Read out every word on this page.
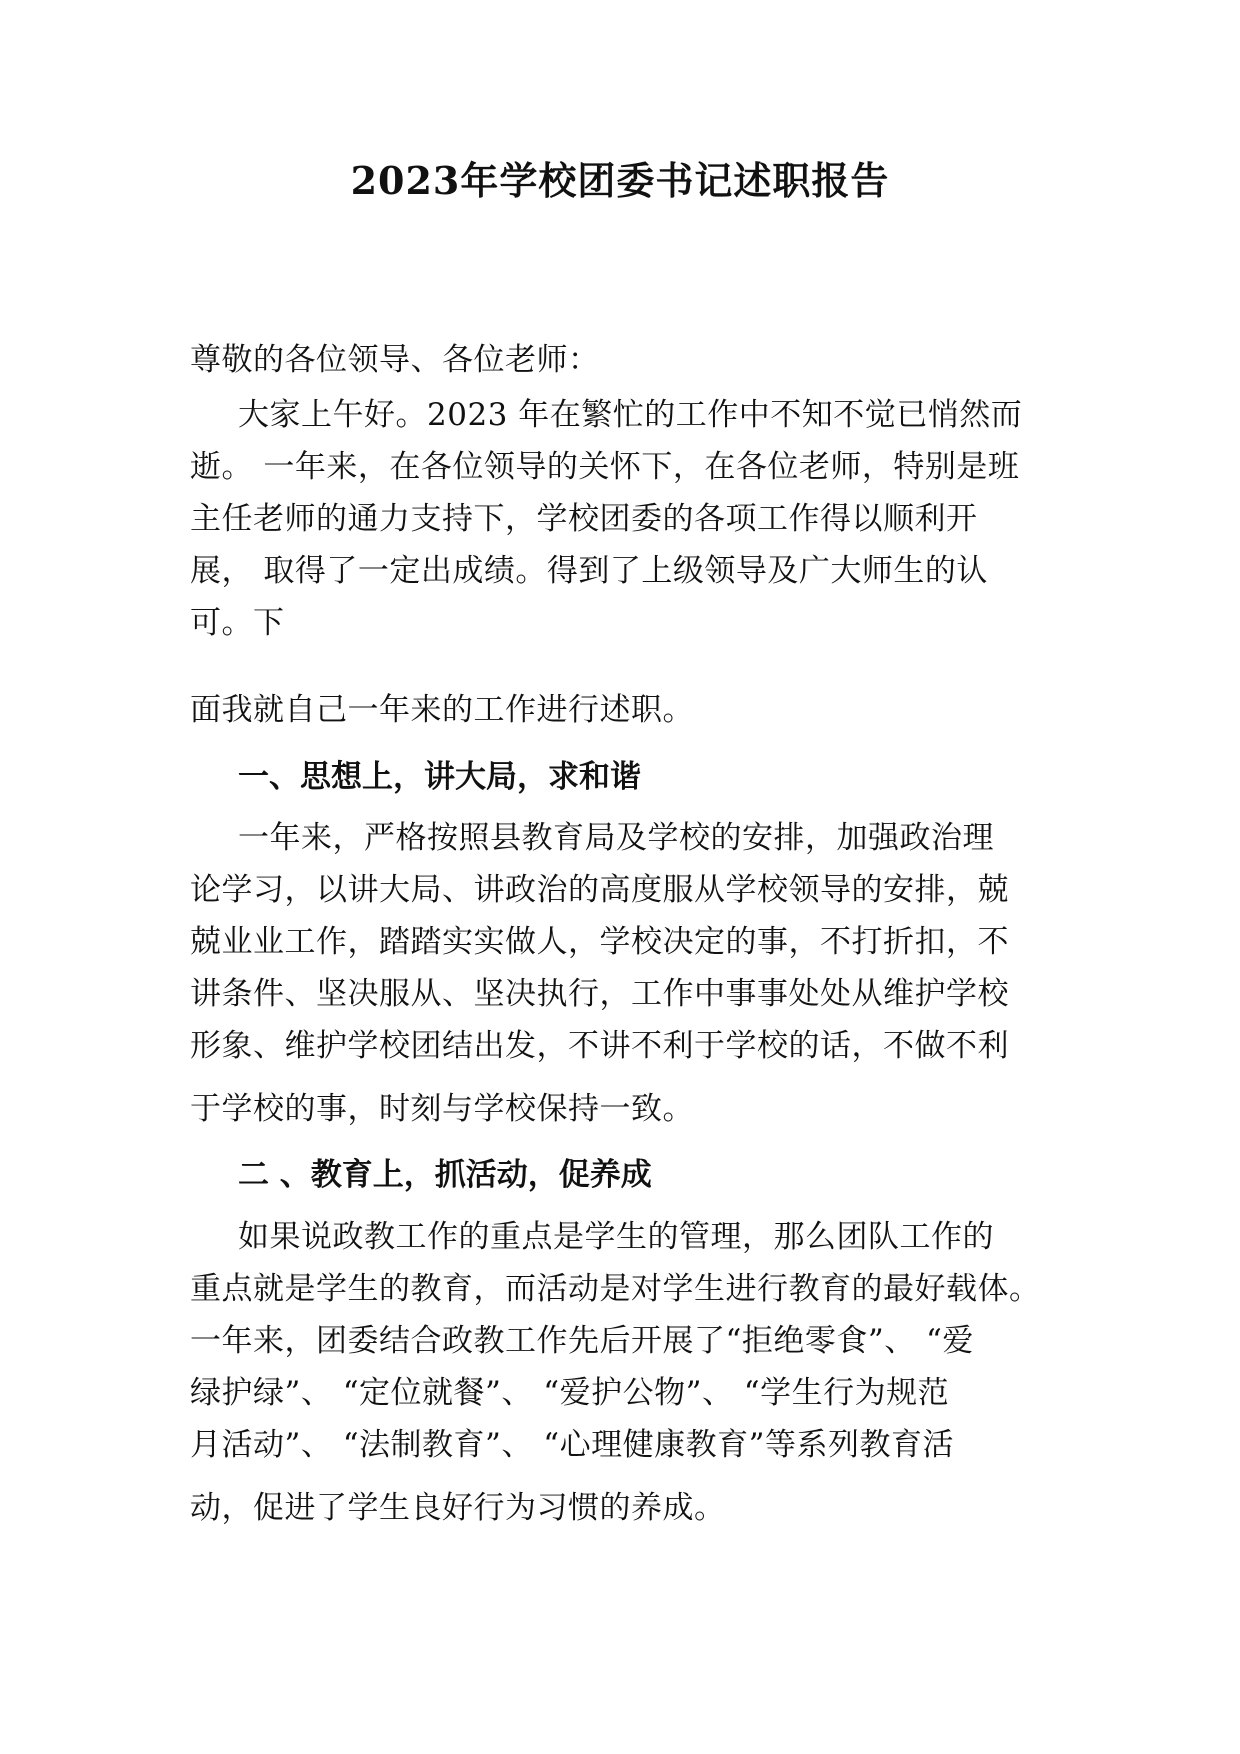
2023年学校团委书记述职报告
尊敬的各位领导、各位老师：
大家上午好。2023 年在繁忙的工作中不知不觉已悄然而
逝。 一年来，在各位领导的关怀下，在各位老师，特别是班
主任老师的通力支持下，学校团委的各项工作得以顺利开
展， 取得了一定出成绩。得到了上级领导及广大师生的认
可。下
面我就自己一年来的工作进行述职。
一、思想上，讲大局，求和谐
一年来，严格按照县教育局及学校的安排，加强政治理
论学习，以讲大局、讲政治的高度服从学校领导的安排，兢
兢业业工作，踏踏实实做人，学校决定的事，不打折扣，不
讲条件、坚决服从、坚决执行，工作中事事处处从维护学校
形象、维护学校团结出发，不讲不利于学校的话，不做不利
于学校的事，时刻与学校保持一致。
二 、教育上，抓活动，促养成
如果说政教工作的重点是学生的管理，那么团队工作的
重点就是学生的教育，而活动是对学生进行教育的最好载体。
一年来，团委结合政教工作先后开展了“拒绝零食”、 “爱
绿护绿”、 “定位就餐”、 “爱护公物”、 “学生行为规范
月活动”、 “法制教育”、 “心理健康教育”等系列教育活
动，促进了学生良好行为习惯的养成。
